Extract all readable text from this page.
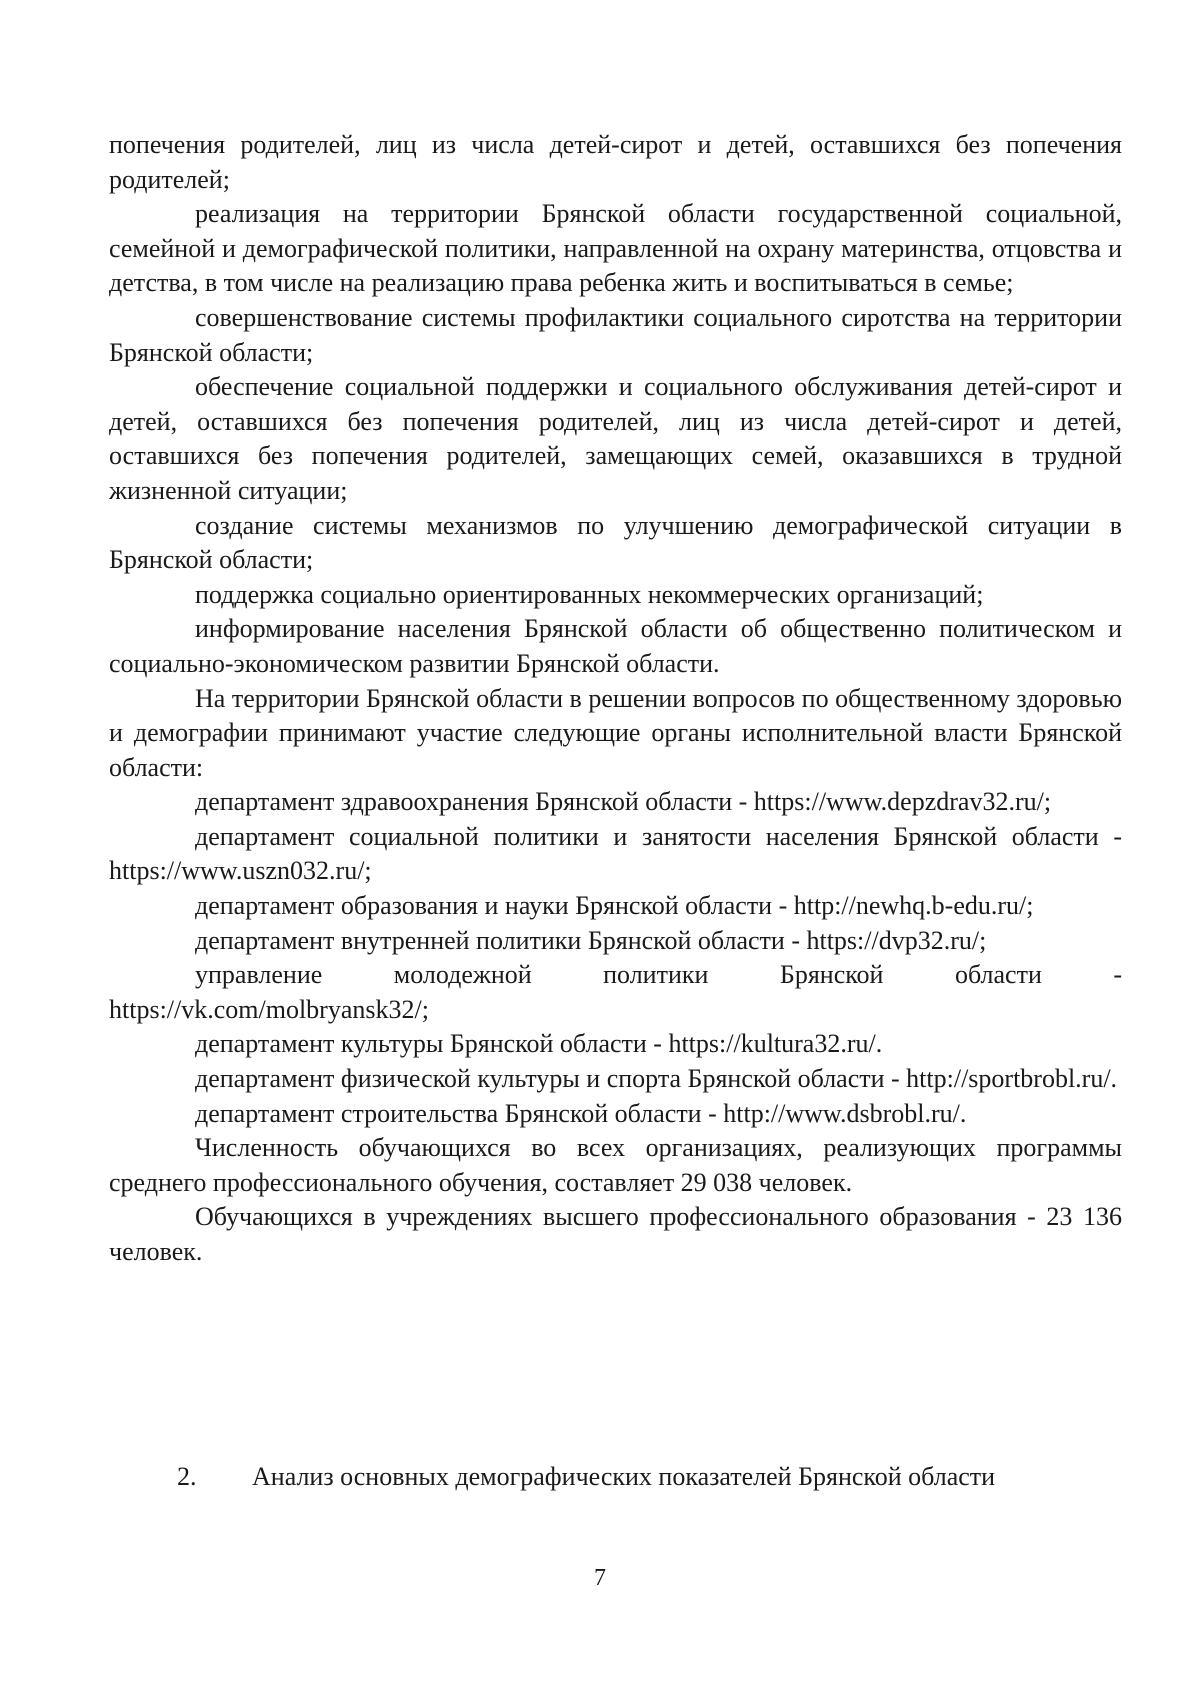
попечения родителей, лиц из числа детей-сирот и детей, оставшихся без попечения родителей;

реализация на территории Брянской области государственной социальной, семейной и демографической политики, направленной на охрану материнства, отцовства и детства, в том числе на реализацию права ребенка жить и воспитываться в семье;

совершенствование системы профилактики социального сиротства на территории Брянской области;

обеспечение социальной поддержки и социального обслуживания детей-сирот и детей, оставшихся без попечения родителей, лиц из числа детей-сирот и детей, оставшихся без попечения родителей, замещающих семей, оказавшихся в трудной жизненной ситуации;

создание системы механизмов по улучшению демографической ситуации в Брянской области;

поддержка социально ориентированных некоммерческих организаций;

информирование населения Брянской области об общественно политическом и социально-экономическом развитии Брянской области.

На территории Брянской области в решении вопросов по общественному здоровью и демографии принимают участие следующие органы исполнительной власти Брянской области:

департамент здравоохранения Брянской области - https://www.depzdrav32.ru/;

департамент социальной политики и занятости населения Брянской области - https://www.uszn032.ru/;

департамент образования и науки Брянской области - http://newhq.b-edu.ru/;

департамент внутренней политики Брянской области - https://dvp32.ru/;

управление молодежной политики Брянской области - https://vk.com/molbryansk32/;

департамент культуры Брянской области - https://kultura32.ru/.

департамент физической культуры и спорта Брянской области - http://sportbrobl.ru/.

департамент строительства Брянской области - http://www.dsbrobl.ru/.

Численность обучающихся во всех организациях, реализующих программы среднего профессионального обучения, составляет 29 038 человек.

Обучающихся в учреждениях высшего профессионального образования - 23 136 человек.

2. Анализ основных демографических показателей Брянской области
7
